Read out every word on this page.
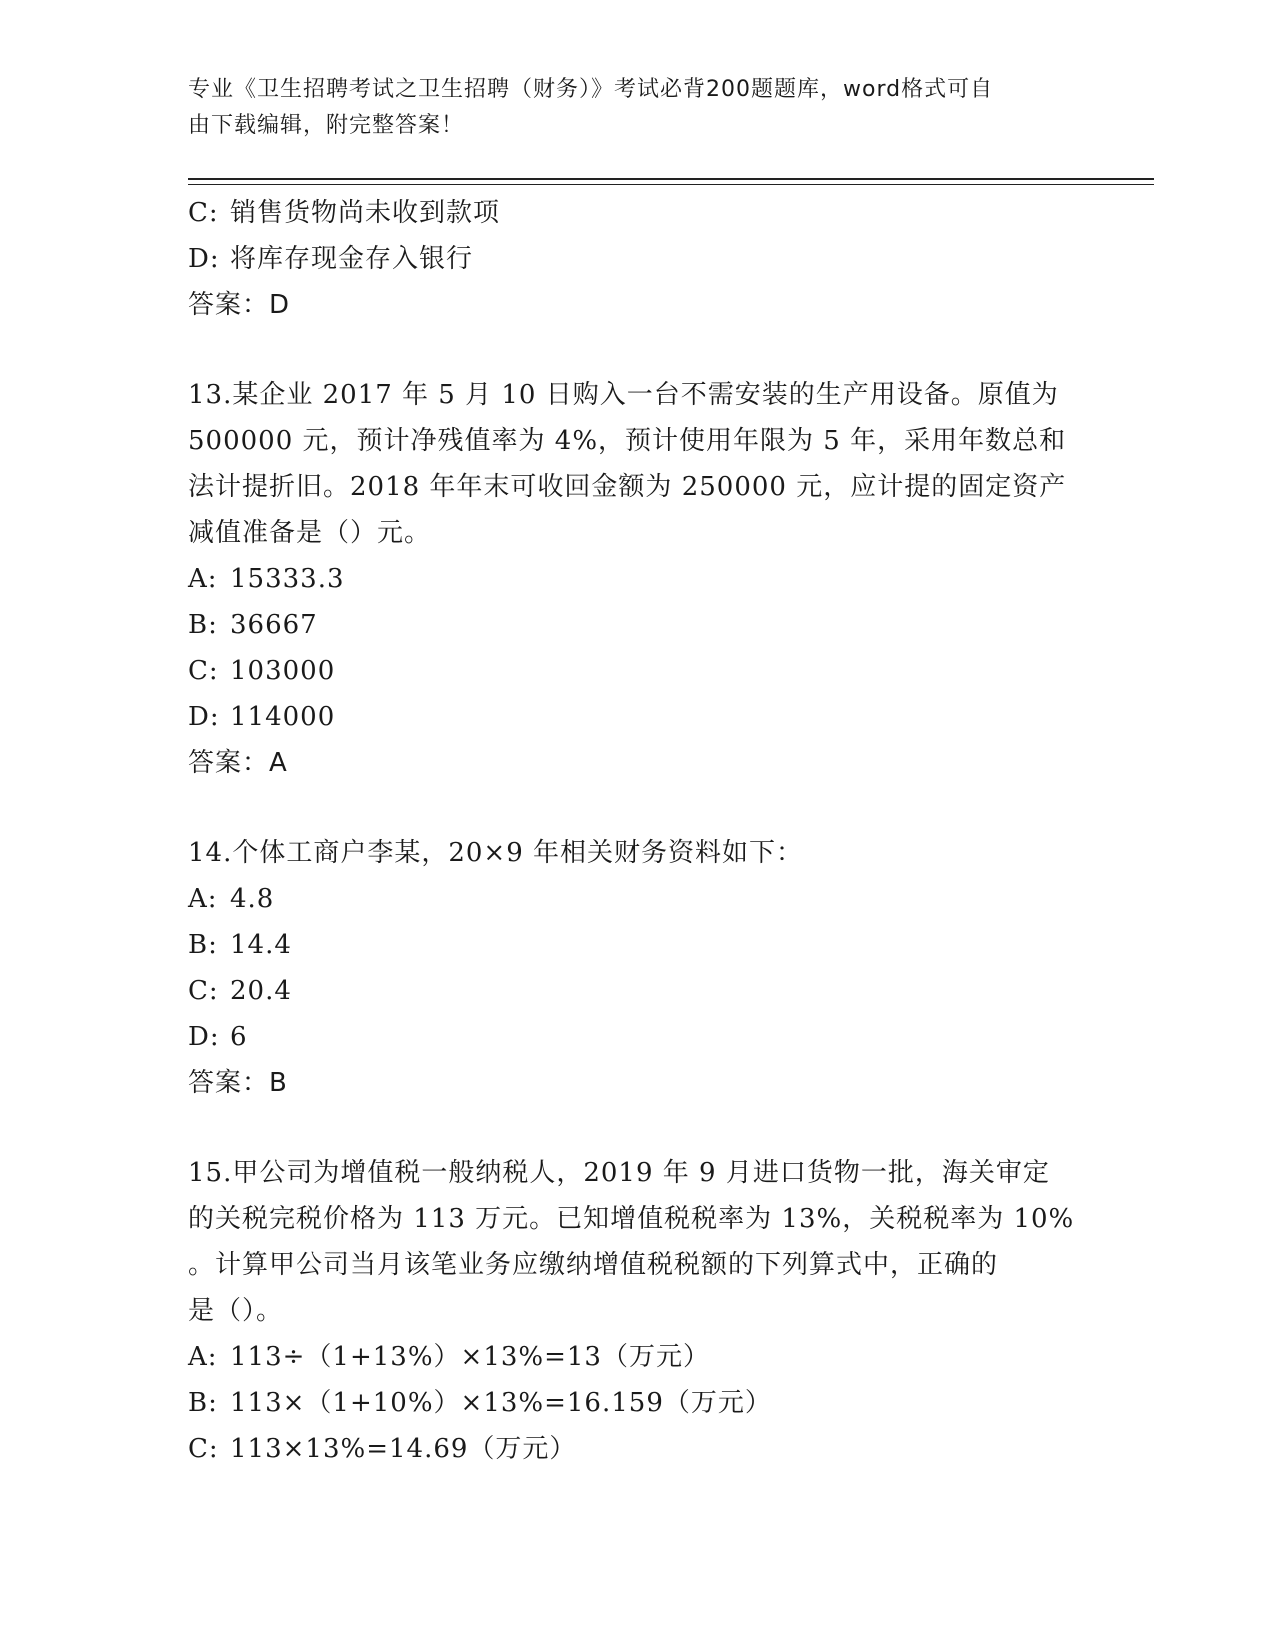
专业《卫生招聘考试之卫生招聘（财务）》考试必背200题题库，word格式可自
由下载编辑，附完整答案！
C: 销售货物尚未收到款项
D: 将库存现金存入银行
答案：D
13.某企业 2017 年 5 月 10 日购入一台不需安装的生产用设备。原值为
500000 元，预计净残值率为 4%，预计使用年限为 5 年，采用年数总和
法计提折旧。2018 年年末可收回金额为 250000 元，应计提的固定资产
减值准备是（）元。
A: 15333.3
B: 36667
C: 103000
D: 114000
答案：A
14.个体工商户李某，20×9 年相关财务资料如下：
A: 4.8
B: 14.4
C: 20.4
D: 6
答案：B
15.甲公司为增值税一般纳税人，2019 年 9 月进口货物一批，海关审定
的关税完税价格为 113 万元。已知增值税税率为 13%，关税税率为 10%
。计算甲公司当月该笔业务应缴纳增值税税额的下列算式中，正确的
是（）。
A: 113÷（1+13%）×13%=13（万元）
B: 113×（1+10%）×13%=16.159（万元）
C: 113×13%=14.69（万元）
